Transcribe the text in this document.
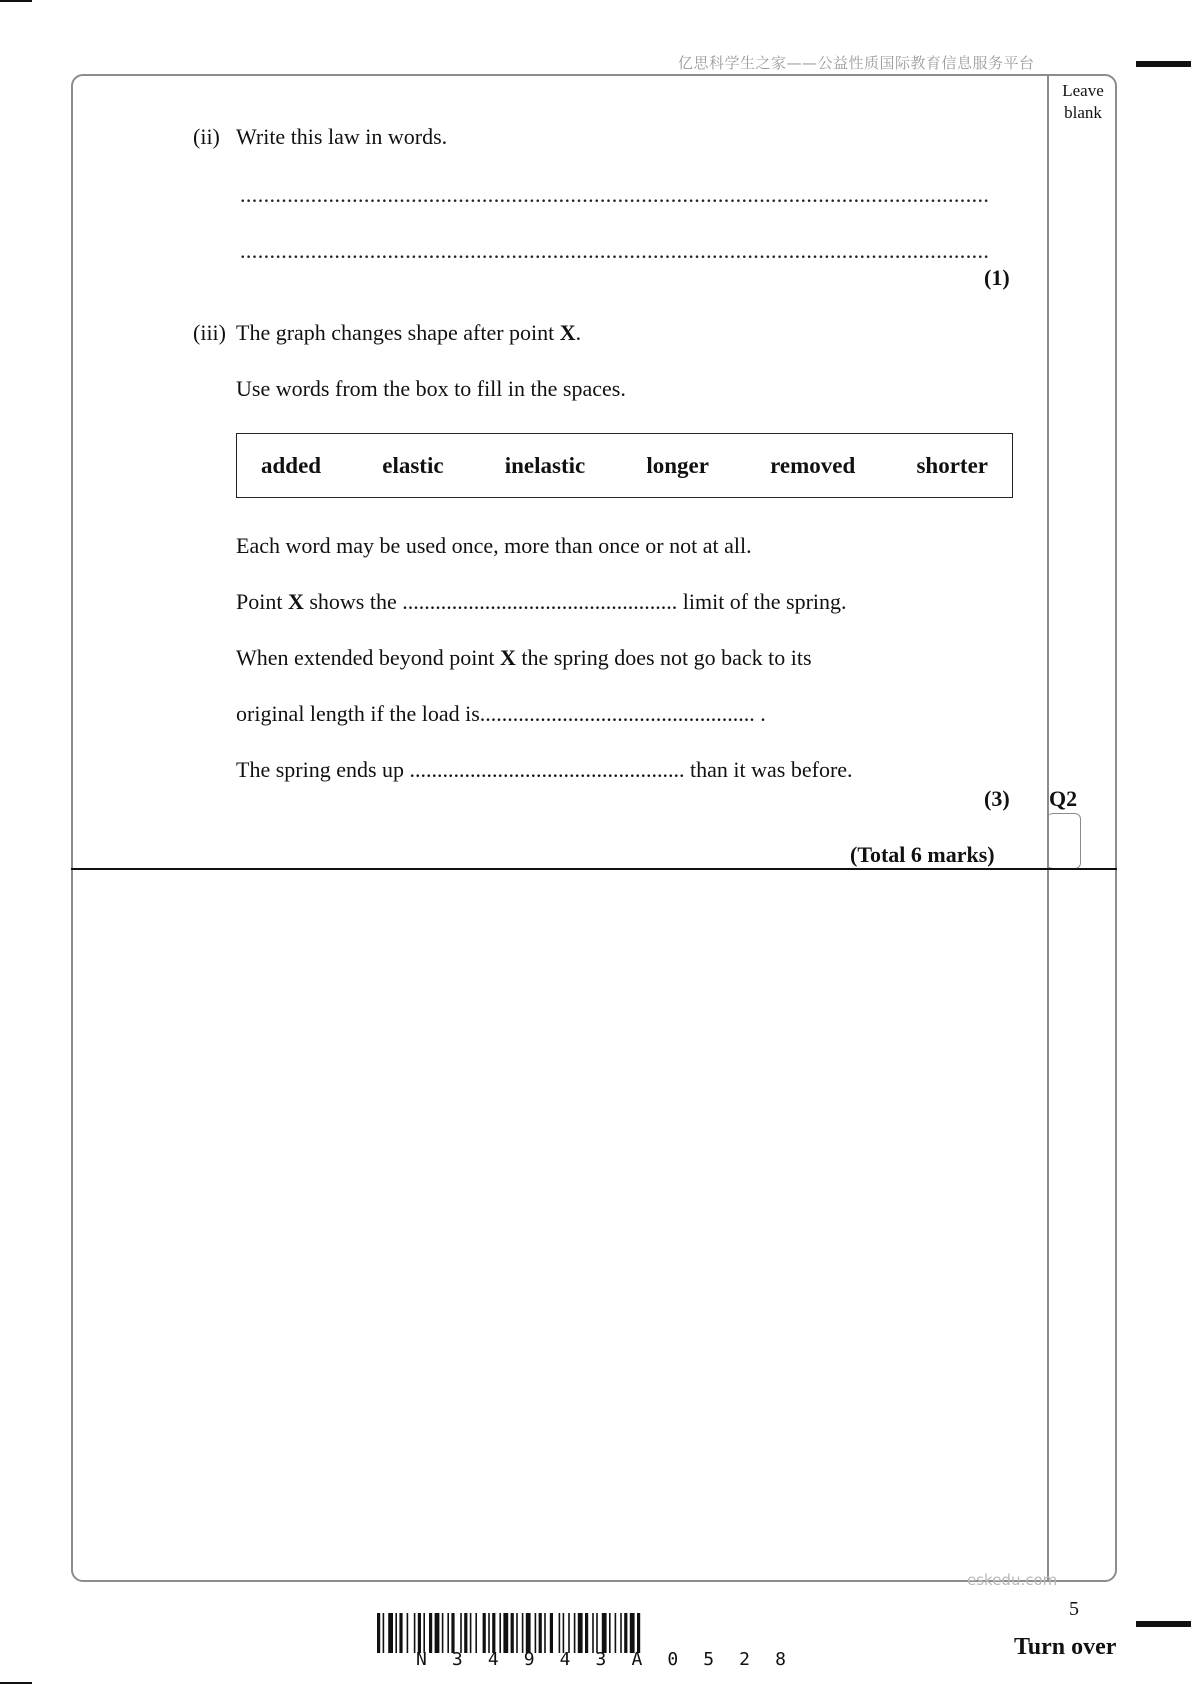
亿思科学生之家——公益性质国际教育信息服务平台
Leave
blank
(ii) Write this law in words.
...............................................................................................................................
...............................................................................................................................
(1)
(iii) The graph changes shape after point X.
Use words from the box to fill in the spaces.
added	elastic	inelastic	longer	removed	shorter
Each word may be used once, more than once or not at all.
Point X shows the .................................................. limit of the spring.
When extended beyond point X the spring does not go back to its
original length if the load is.................................................. .
The spring ends up .................................................. than it was before.
(3) Q2
(Total 6 marks)
eskedu.com
N 3 4 9 4 3 A 0 5 2 8
5
Turn over
